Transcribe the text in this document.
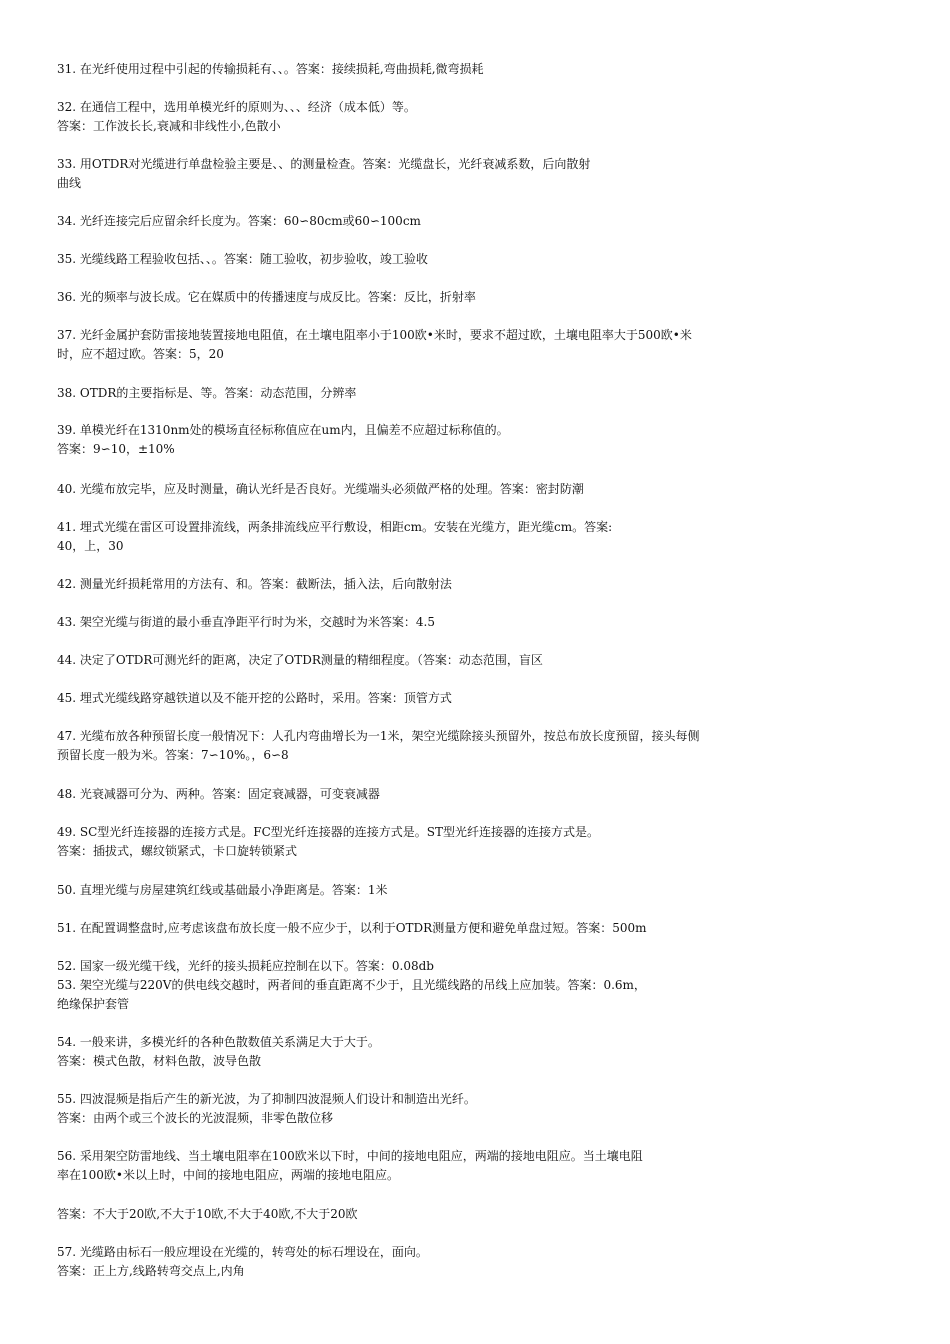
31. 在光纤使用过程中引起的传输损耗有、、。答案：接续损耗,弯曲损耗,微弯损耗
32. 在通信工程中，选用单模光纤的原则为、、、经济（成本低）等。
答案：工作波长长,衰减和非线性小,色散小
33. 用OTDR对光缆进行单盘检验主要是、、的测量检查。答案：光缆盘长，光纤衰减系数，后向散射
曲线
34. 光纤连接完后应留余纤长度为。答案：60∽80cm或60∽100cm
35. 光缆线路工程验收包括、、。答案：随工验收，初步验收，竣工验收
36. 光的频率与波长成。它在媒质中的传播速度与成反比。答案：反比，折射率
37. 光纤金属护套防雷接地装置接地电阻值，在土壤电阻率小于100欧•米时，要求不超过欧，土壤电阻率大于500欧•米
时，应不超过欧。答案：5，20
38. OTDR的主要指标是、等。答案：动态范围，分辨率
39. 单模光纤在1310nm处的模场直径标称值应在um内，且偏差不应超过标称值的。
答案：9∽10，±10%
40. 光缆布放完毕，应及时测量，确认光纤是否良好。光缆端头必须做严格的处理。答案：密封防潮
41. 埋式光缆在雷区可设置排流线，两条排流线应平行敷设，相距cm。安装在光缆方，距光缆cm。答案:
40，上，30
42. 测量光纤损耗常用的方法有、和。答案：截断法，插入法，后向散射法
43. 架空光缆与街道的最小垂直净距平行时为米，交越时为米答案：4.5
44. 决定了OTDR可测光纤的距离，决定了OTDR测量的精细程度。（答案：动态范围，盲区
45. 埋式光缆线路穿越铁道以及不能开挖的公路时，采用。答案：顶管方式
47. 光缆布放各种预留长度一般情况下：人孔内弯曲增长为一1米，架空光缆除接头预留外，按总布放长度预留，接头每侧
预留长度一般为米。答案：7∽10%。，6∽8
48. 光衰减器可分为、两种。答案：固定衰减器，可变衰减器
49. SC型光纤连接器的连接方式是。FC型光纤连接器的连接方式是。ST型光纤连接器的连接方式是。
答案：插拔式，螺纹锁紧式，卡口旋转锁紧式
50. 直埋光缆与房屋建筑红线或基础最小净距离是。答案：1米
51. 在配置调整盘时,应考虑该盘布放长度一般不应少于，以利于OTDR测量方便和避免单盘过短。答案：500m
52. 国家一级光缆干线，光纤的接头损耗应控制在以下。答案：0.08db
53. 架空光缆与220V的供电线交越时，两者间的垂直距离不少于，且光缆线路的吊线上应加装。答案：0.6m，
绝缘保护套管
54. 一般来讲，多模光纤的各种色散数值关系满足大于大于。
答案：模式色散，材料色散，波导色散
55. 四波混频是指后产生的新光波，为了抑制四波混频人们设计和制造出光纤。
答案：由两个或三个波长的光波混频，非零色散位移
56. 采用架空防雷地线、当土壤电阻率在100欧米以下时，中间的接地电阻应，两端的接地电阻应。当土壤电阻
率在100欧•米以上时，中间的接地电阻应，两端的接地电阻应。
答案：不大于20欧,不大于10欧,不大于40欧,不大于20欧
57. 光缆路由标石一般应埋设在光缆的，转弯处的标石埋设在，面向。
答案：正上方,线路转弯交点上,内角
